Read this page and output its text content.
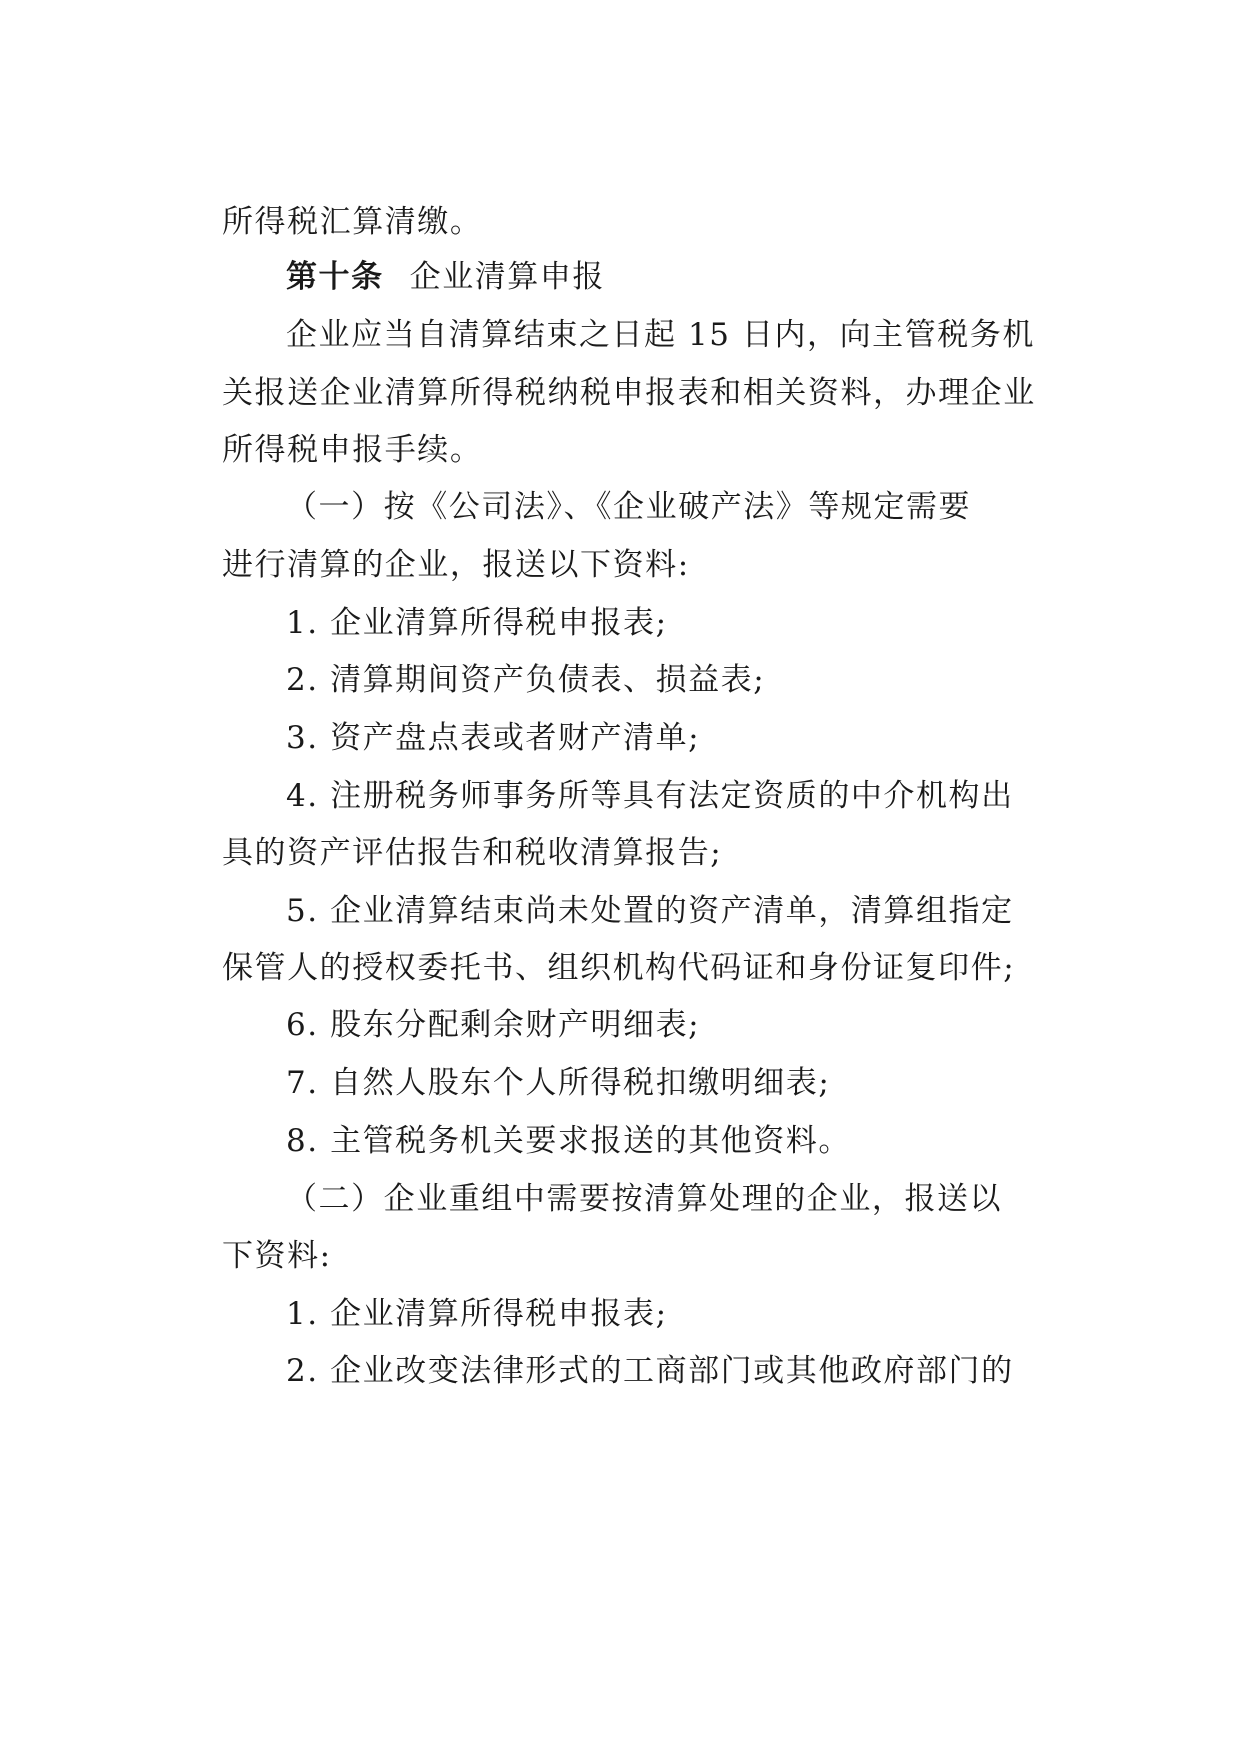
所得税汇算清缴。
第十条 企业清算申报
企业应当自清算结束之日起 15 日内，向主管税务机
关报送企业清算所得税纳税申报表和相关资料，办理企业
所得税申报手续。
（一）按《公司法》、《企业破产法》等规定需要
进行清算的企业，报送以下资料:
1. 企业清算所得税申报表;
2. 清算期间资产负债表、损益表;
3. 资产盘点表或者财产清单;
4. 注册税务师事务所等具有法定资质的中介机构出
具的资产评估报告和税收清算报告;
5. 企业清算结束尚未处置的资产清单，清算组指定
保管人的授权委托书、组织机构代码证和身份证复印件;
6. 股东分配剩余财产明细表;
7. 自然人股东个人所得税扣缴明细表;
8. 主管税务机关要求报送的其他资料。
（二）企业重组中需要按清算处理的企业，报送以
下资料:
1. 企业清算所得税申报表;
2. 企业改变法律形式的工商部门或其他政府部门的
